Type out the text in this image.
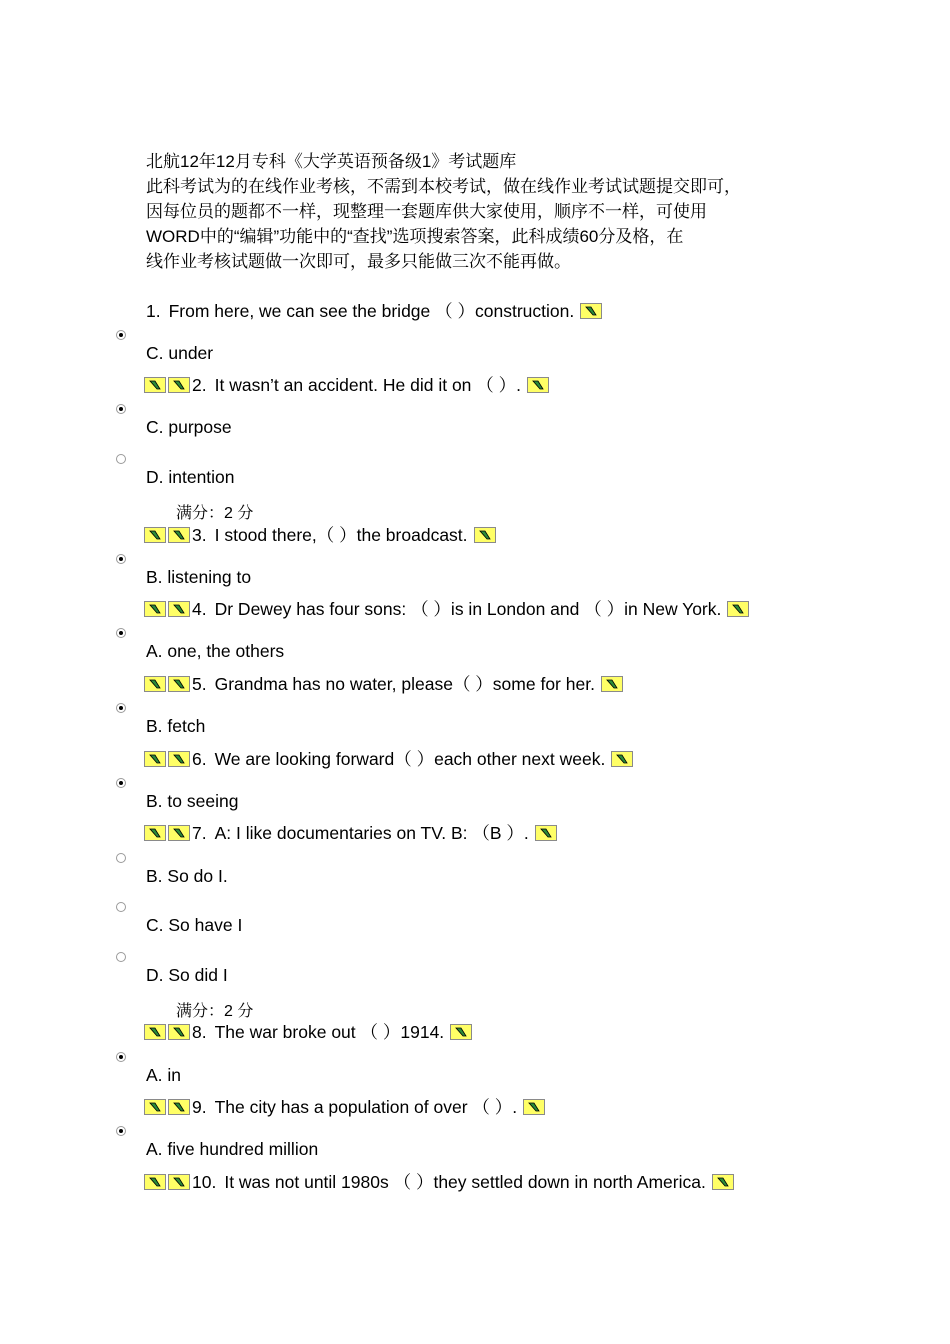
北航12年12月专科《大学英语预备级1》考试题库
此科考试为的在线作业考核，不需到本校考试，做在线作业考试试题提交即可，
因每位员的题都不一样，现整理一套题库供大家使用，顺序不一样，可使用
WORD中的“编辑”功能中的“查找”选项搜索答案，此科成绩60分及格，在
线作业考核试题做一次即可，最多只能做三次不能再做。
1. From here, we can see the bridge （ ）construction.
C. under
2. It wasn’t an accident. He did it on （ ）.
C. purpose
D. intention
满分：2 分
3. I stood there,（ ）the broadcast.
B. listening to
4. Dr Dewey has four sons: （ ）is in London and （ ）in New York.
A. one, the others
5. Grandma has no water, please（ ）some for her.
B. fetch
6. We are looking forward（ ）each other next week.
B. to seeing
7. A: I like documentaries on TV. B: （B ）.
B. So do I.
C. So have I
D. So did I
满分：2 分
8. The war broke out （ ）1914.
A. in
9. The city has a population of over （ ）.
A. five hundred million
10. It was not until 1980s （ ）they settled down in north America.
